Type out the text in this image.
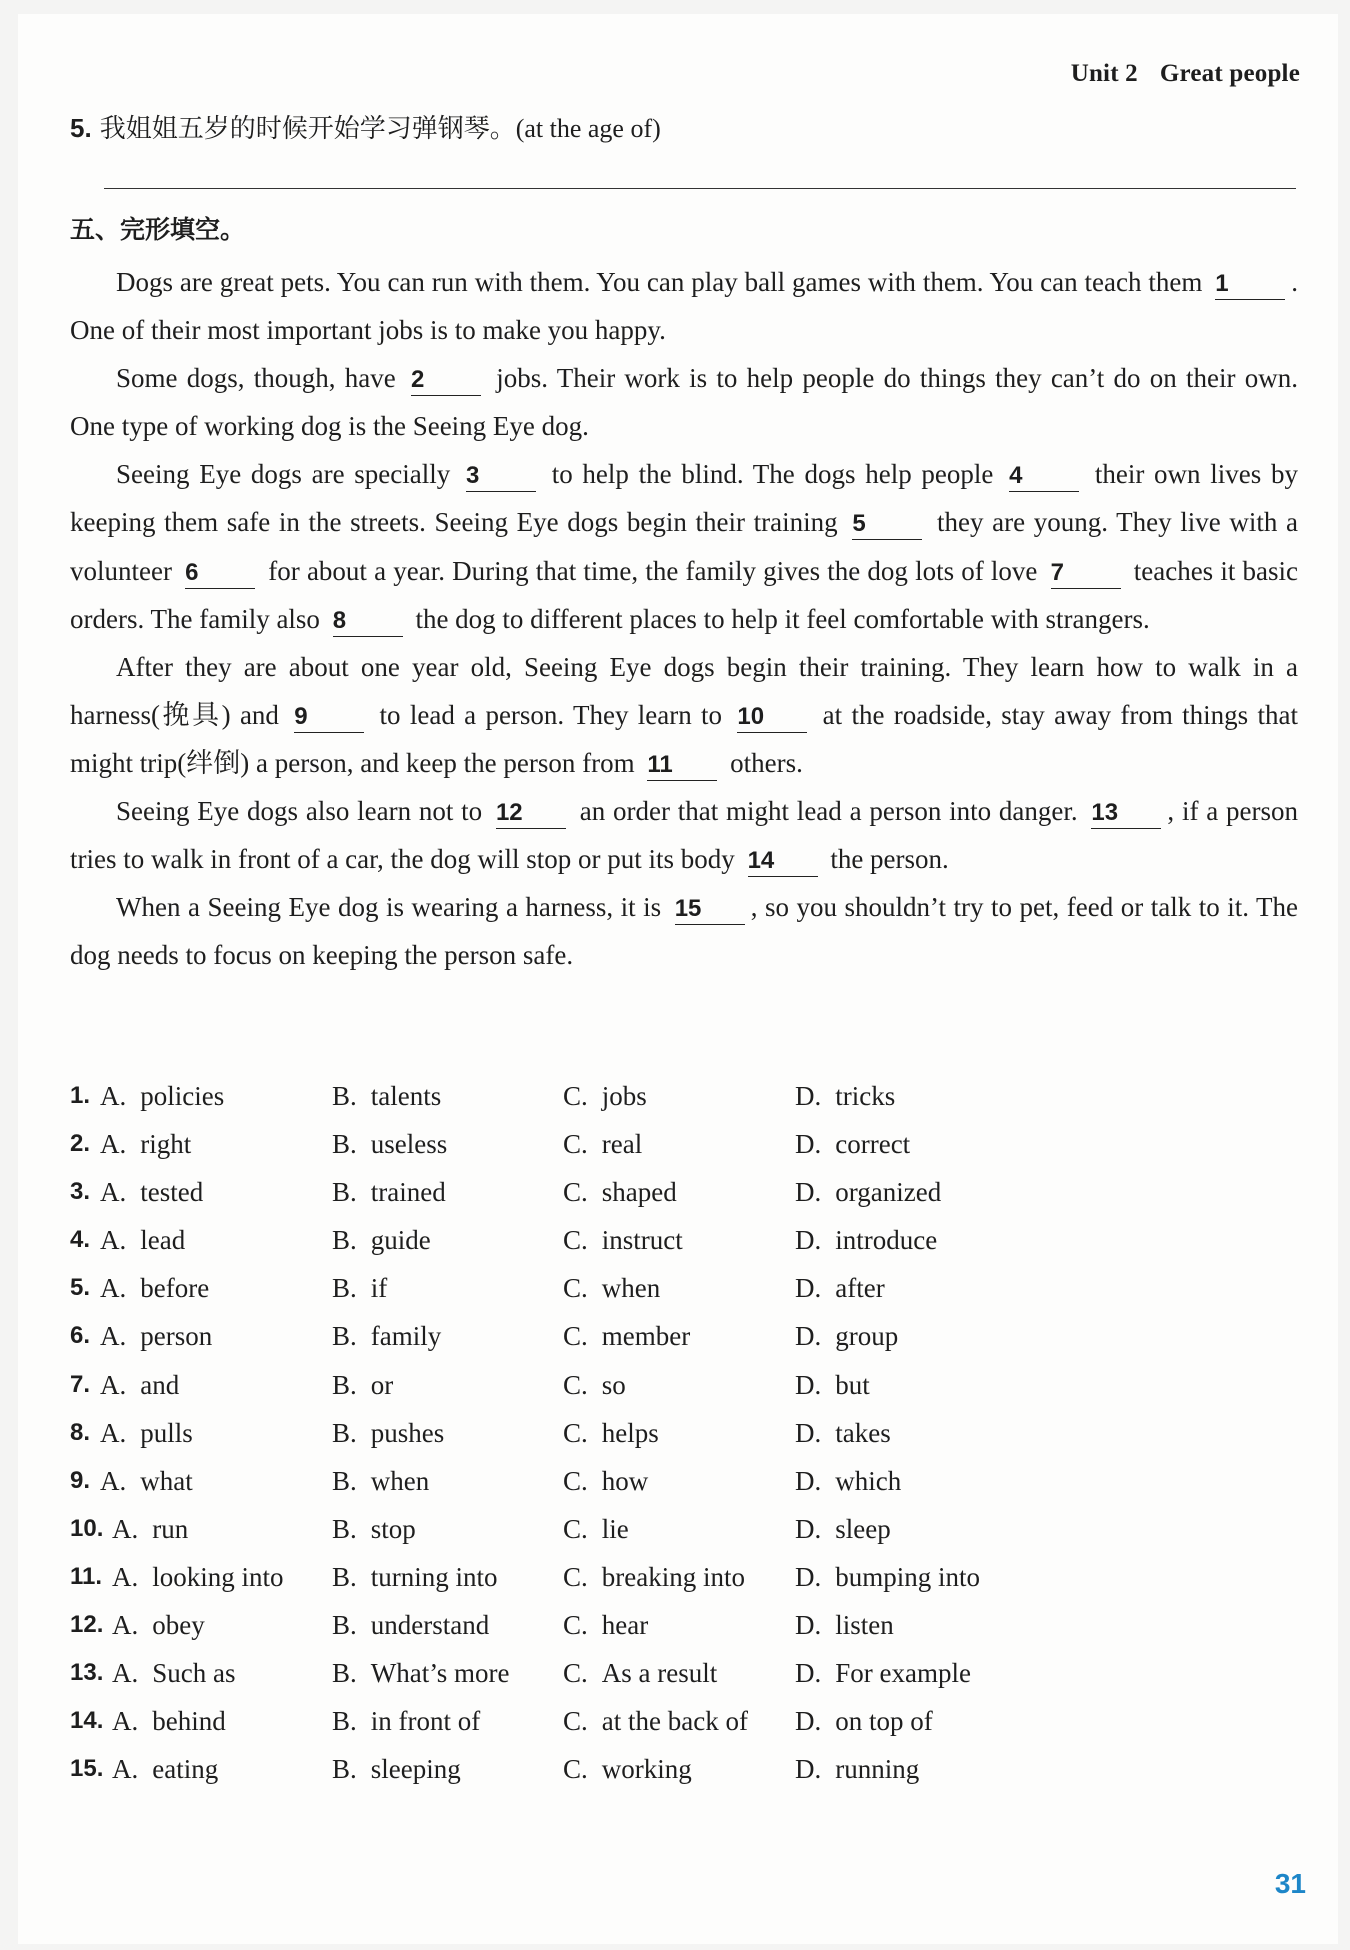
Unit 2 Great people
5. 我姐姐五岁的时候开始学习弹钢琴。(at the age of)
五、完形填空。

Dogs are great pets. You can run with them. You can play ball games with them. You can teach them 1 . One of their most important jobs is to make you happy.

Some dogs, though, have 2 jobs. Their work is to help people do things they can’t do on their own. One type of working dog is the Seeing Eye dog.

Seeing Eye dogs are specially 3 to help the blind. The dogs help people 4 their own lives by keeping them safe in the streets. Seeing Eye dogs begin their training 5 they are young. They live with a volunteer 6 for about a year. During that time, the family gives the dog lots of love 7 teaches it basic orders. The family also 8 the dog to different places to help it feel comfortable with strangers.

After they are about one year old, Seeing Eye dogs begin their training. They learn how to walk in a harness(挽具) and 9 to lead a person. They learn to 10 at the roadside, stay away from things that might trip(绊倒) a person, and keep the person from 11 others.

Seeing Eye dogs also learn not to 12 an order that might lead a person into danger. 13 , if a person tries to walk in front of a car, the dog will stop or put its body 14 the person.

When a Seeing Eye dog is wearing a harness, it is 15 , so you shouldn’t try to pet, feed or talk to it. The dog needs to focus on keeping the person safe.

1. A. policies	B. talents	C. jobs	D. tricks
2. A. right	B. useless	C. real	D. correct
3. A. tested	B. trained	C. shaped	D. organized
4. A. lead	B. guide	C. instruct	D. introduce
5. A. before	B. if	C. when	D. after
6. A. person	B. family	C. member	D. group
7. A. and	B. or	C. so	D. but
8. A. pulls	B. pushes	C. helps	D. takes
9. A. what	B. when	C. how	D. which
10. A. run	B. stop	C. lie	D. sleep
11. A. looking into B. turning into C. breaking into D. bumping into
12. A. obey	B. understand	C. hear	D. listen
13. A. Such as	B. What’s more C. As a result	D. For example
14. A. behind	B. in front of	C. at the back of D. on top of
15. A. eating	B. sleeping	C. working	D. running
31
